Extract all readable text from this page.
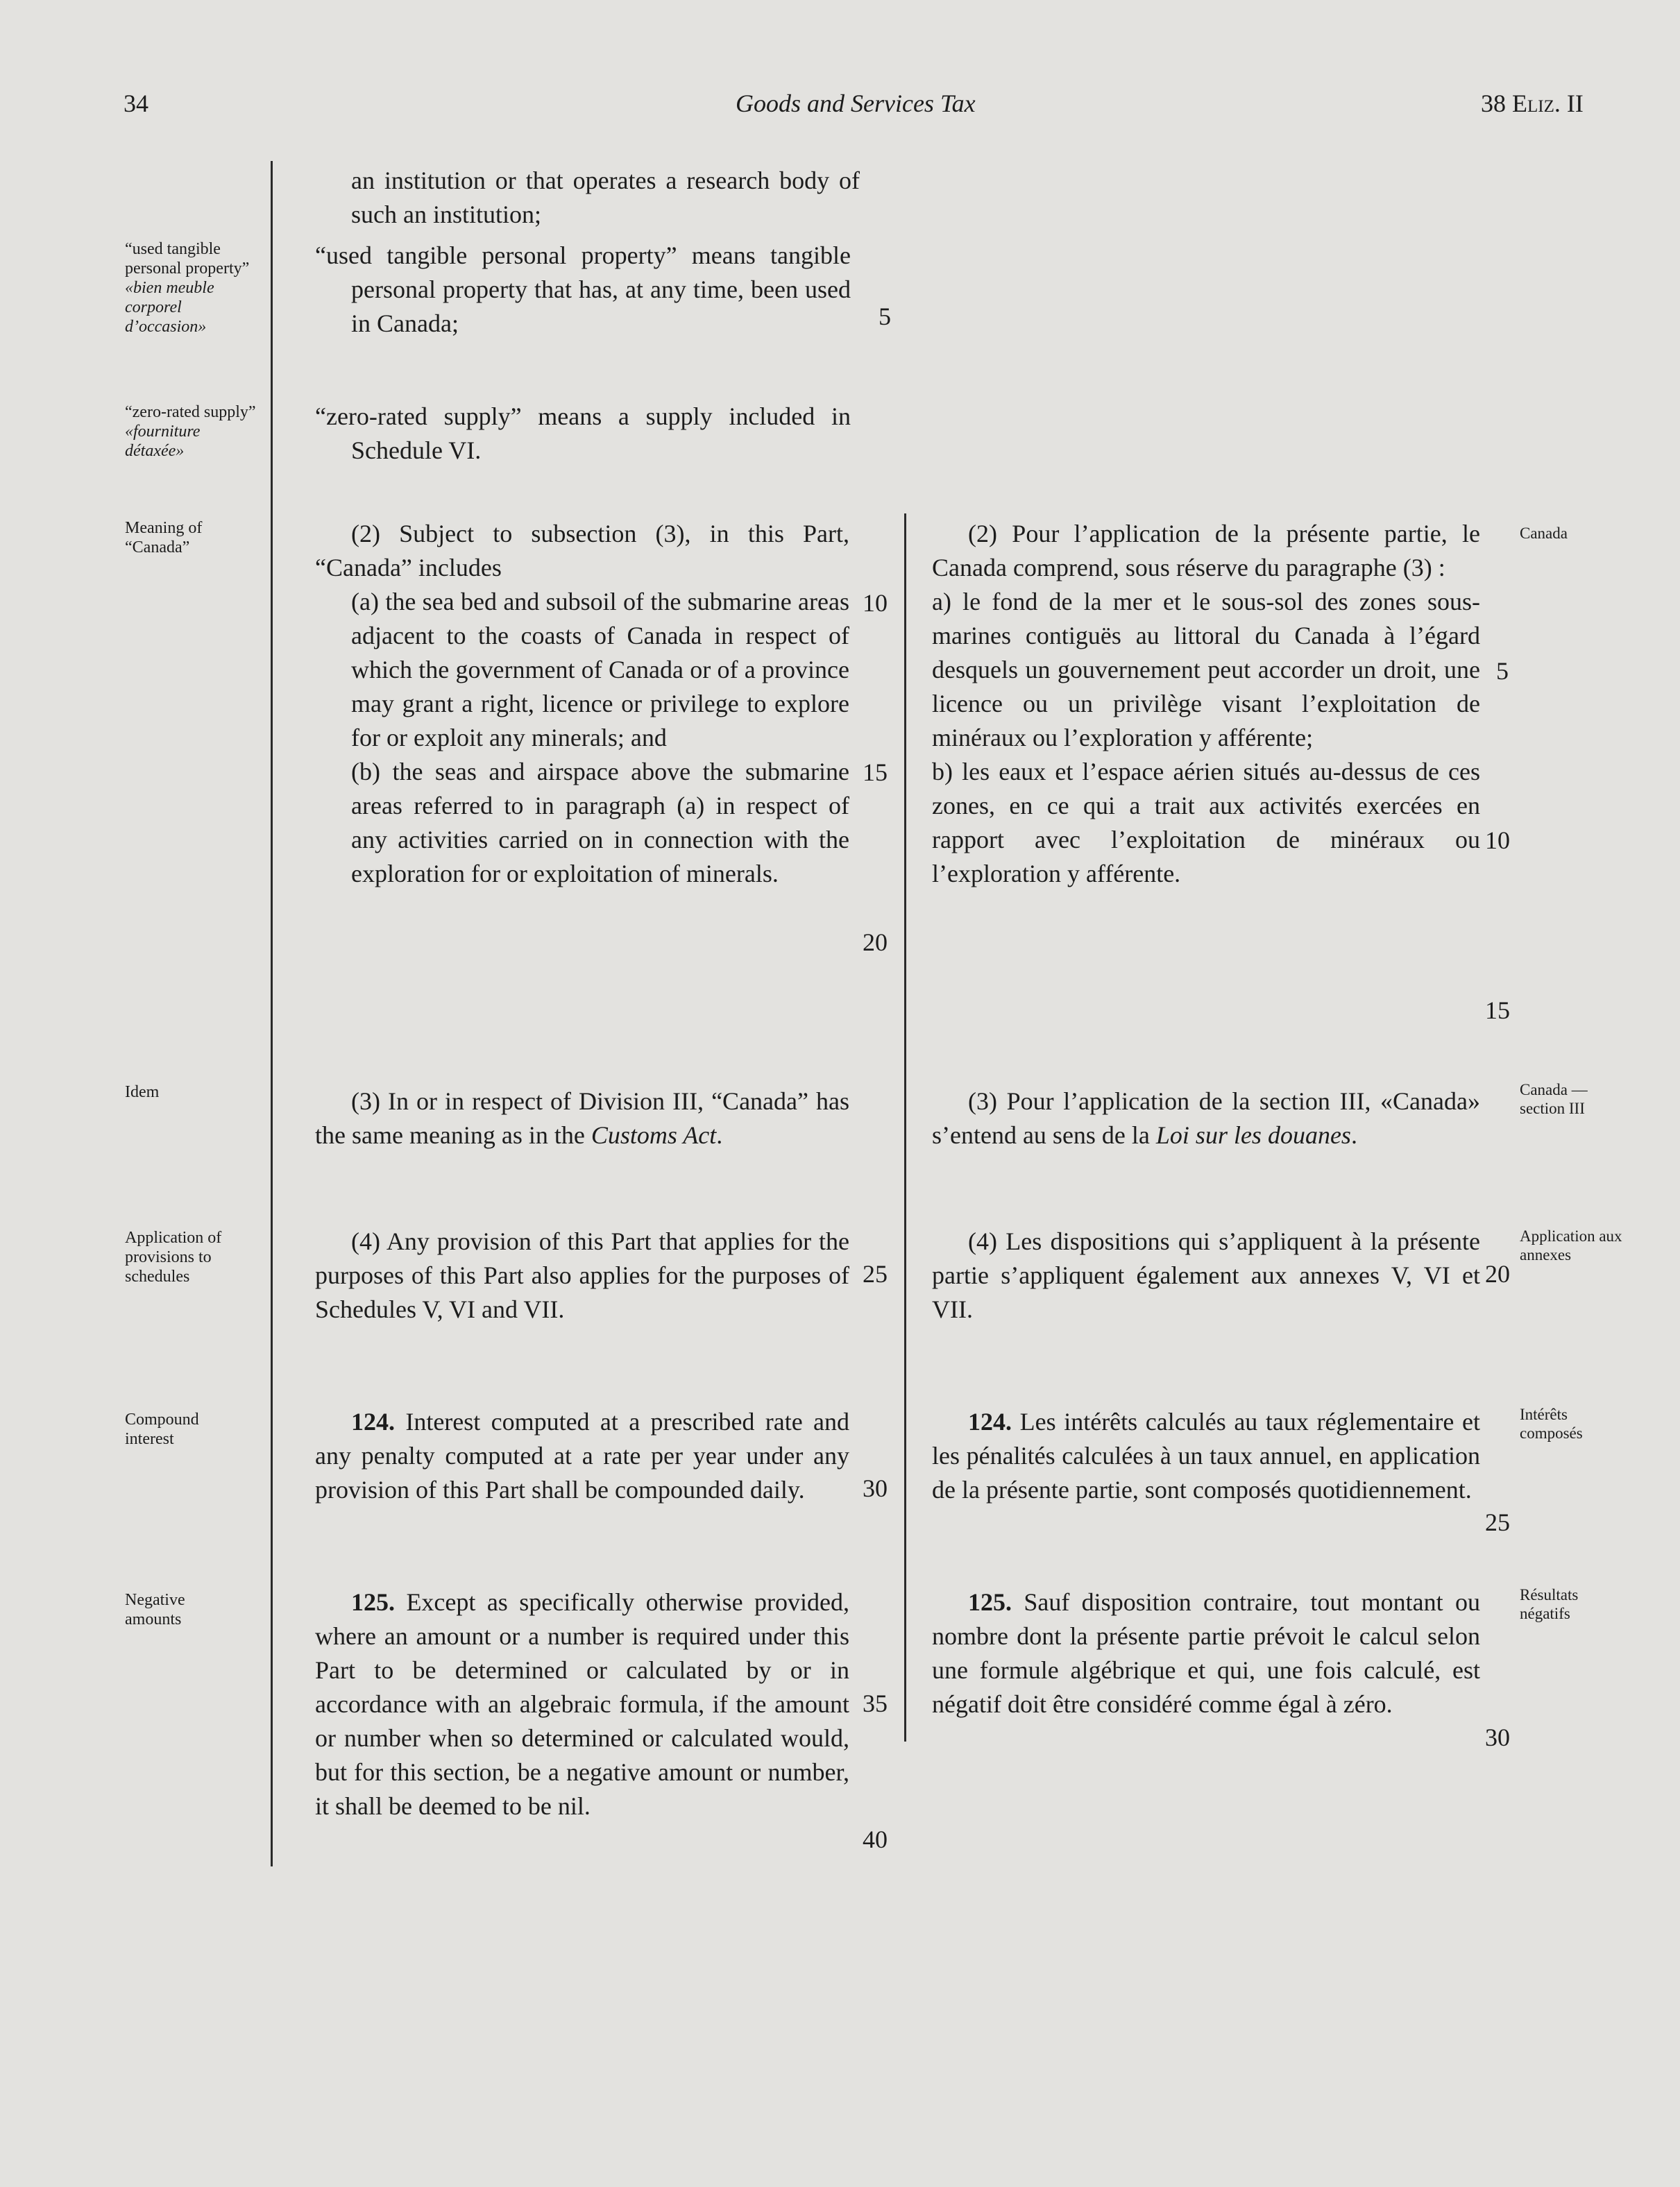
34	Goods and Services Tax	38 Eliz. II
“used tangible personal property”
«bien meuble corporel d’occasion»
“zero-rated supply”
«fourniture détaxée»
Meaning of “Canada”
Idem
Application of provisions to schedules
Compound interest
Negative amounts

an institution or that operates a research body of such an institution;

“used tangible personal property” means tangible personal property that has, at any time, been used in Canada;

“zero-rated supply” means a supply included in Schedule VI.

(2) Subject to subsection (3), in this Part, “Canada” includes

(a) the sea bed and subsoil of the submarine areas adjacent to the coasts of Canada in respect of which the government of Canada or of a province may grant a right, licence or privilege to explore for or exploit any minerals; and

(b) the seas and airspace above the submarine areas referred to in paragraph (a) in respect of any activities carried on in connection with the exploration for or exploitation of minerals.

(3) In or in respect of Division III, “Canada” has the same meaning as in the Customs Act.

(4) Any provision of this Part that applies for the purposes of this Part also applies for the purposes of Schedules V, VI and VII.

124. Interest computed at a prescribed rate and any penalty computed at a rate per year under any provision of this Part shall be compounded daily.

125. Except as specifically otherwise provided, where an amount or a number is required under this Part to be determined or calculated by or in accordance with an algebraic formula, if the amount or number when so determined or calculated would, but for this section, be a negative amount or number, it shall be deemed to be nil.

5
10
15
20
25
30
35
40

(2) Pour l’application de la présente partie, le Canada comprend, sous réserve du paragraphe (3) :

a) le fond de la mer et le sous-sol des zones sous-marines contiguës au littoral du Canada à l’égard desquels un gouvernement peut accorder un droit, une licence ou un privilège visant l’exploitation de minéraux ou l’exploration y afférente;

b) les eaux et l’espace aérien situés au-dessus de ces zones, en ce qui a trait aux activités exercées en rapport avec l’exploitation de minéraux ou l’exploration y afférente.

(3) Pour l’application de la section III, «Canada» s’entend au sens de la Loi sur les douanes.

(4) Les dispositions qui s’appliquent à la présente partie s’appliquent également aux annexes V, VI et VII.

124. Les intérêts calculés au taux réglementaire et les pénalités calculées à un taux annuel, en application de la présente partie, sont composés quotidiennement.

125. Sauf disposition contraire, tout montant ou nombre dont la présente partie prévoit le calcul selon une formule algébrique et qui, une fois calculé, est négatif doit être considéré comme égal à zéro.

5
10
15
20
25
30
Canada
Canada — section III
Application aux annexes
Intérêts composés
Résultats négatifs
